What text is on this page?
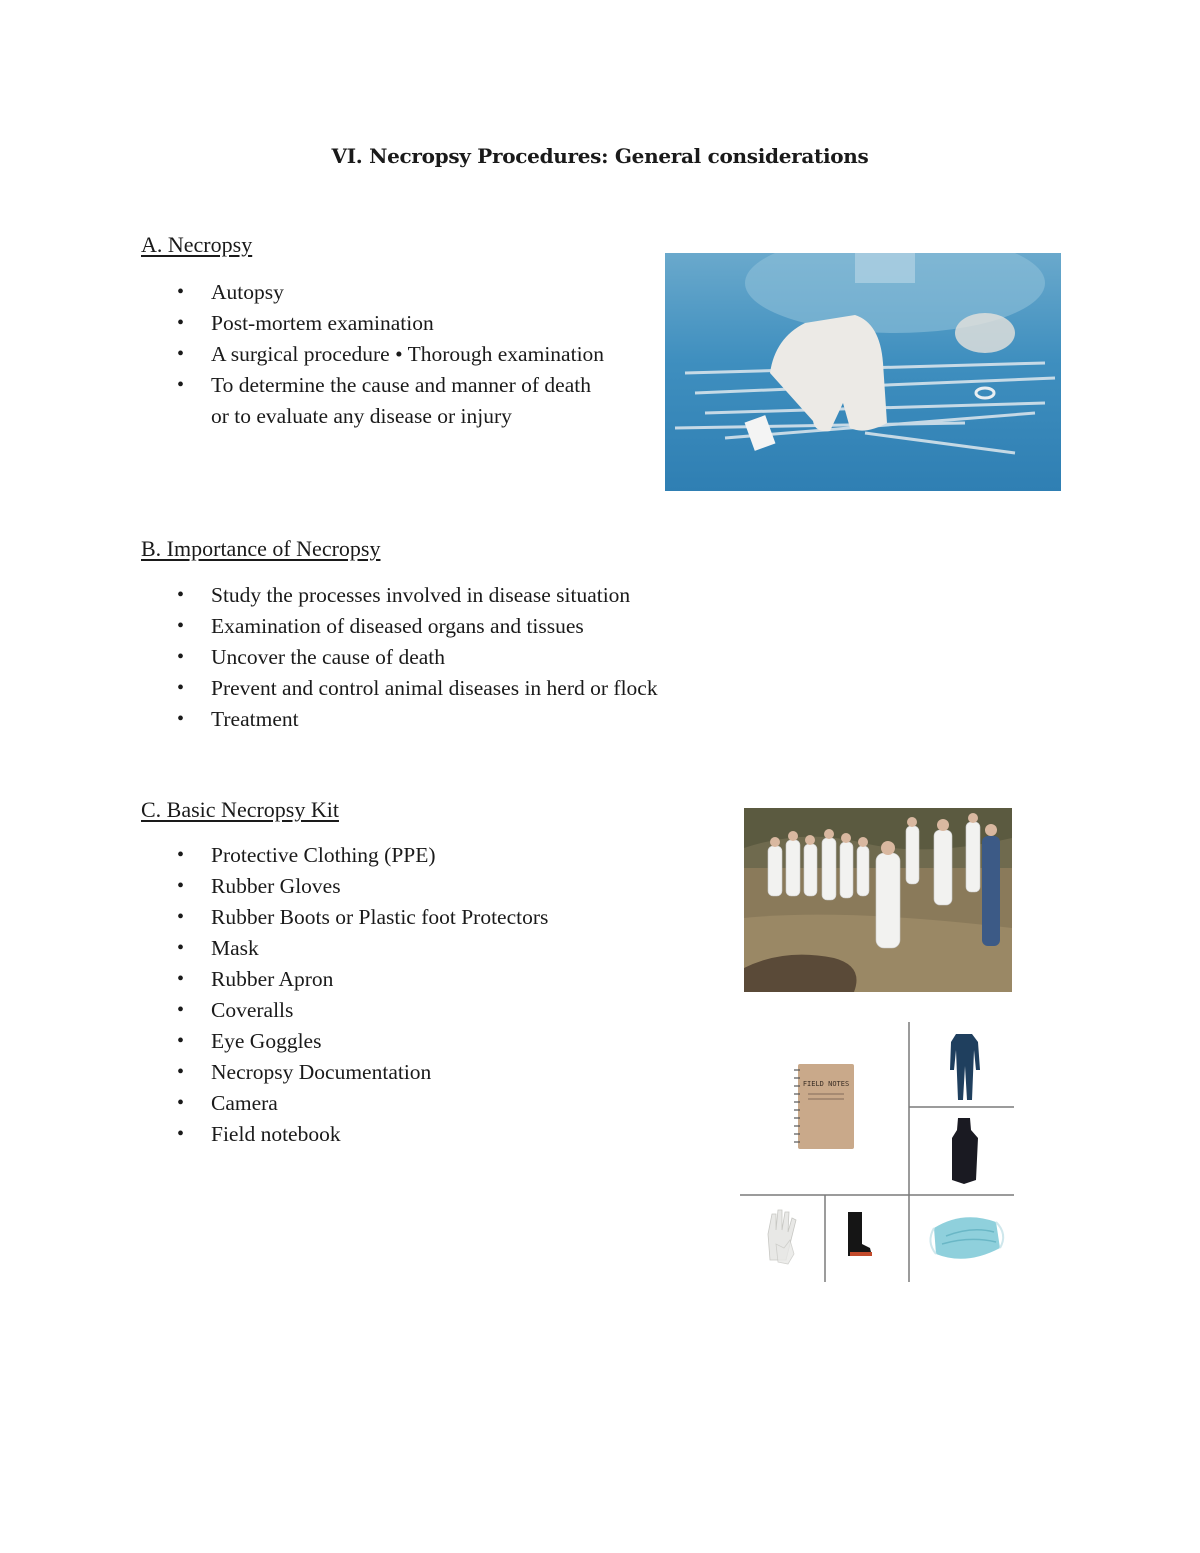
VI. Necropsy Procedures: General considerations
A. Necropsy
• Autopsy
• Post-mortem examination
• A surgical procedure • Thorough examination
• To determine the cause and manner of death
or to evaluate any disease or injury
B. Importance of Necropsy
• Study the processes involved in disease situation
• Examination of diseased organs and tissues
• Uncover the cause of death
• Prevent and control animal diseases in herd or flock
• Treatment
C. Basic Necropsy Kit
• Protective Clothing (PPE)
• Rubber Gloves
• Rubber Boots or Plastic foot Protectors
• Mask
• Rubber Apron
• Coveralls
• Eye Goggles
• Necropsy Documentation
• Camera
• Field notebook
FIELD NOTES
